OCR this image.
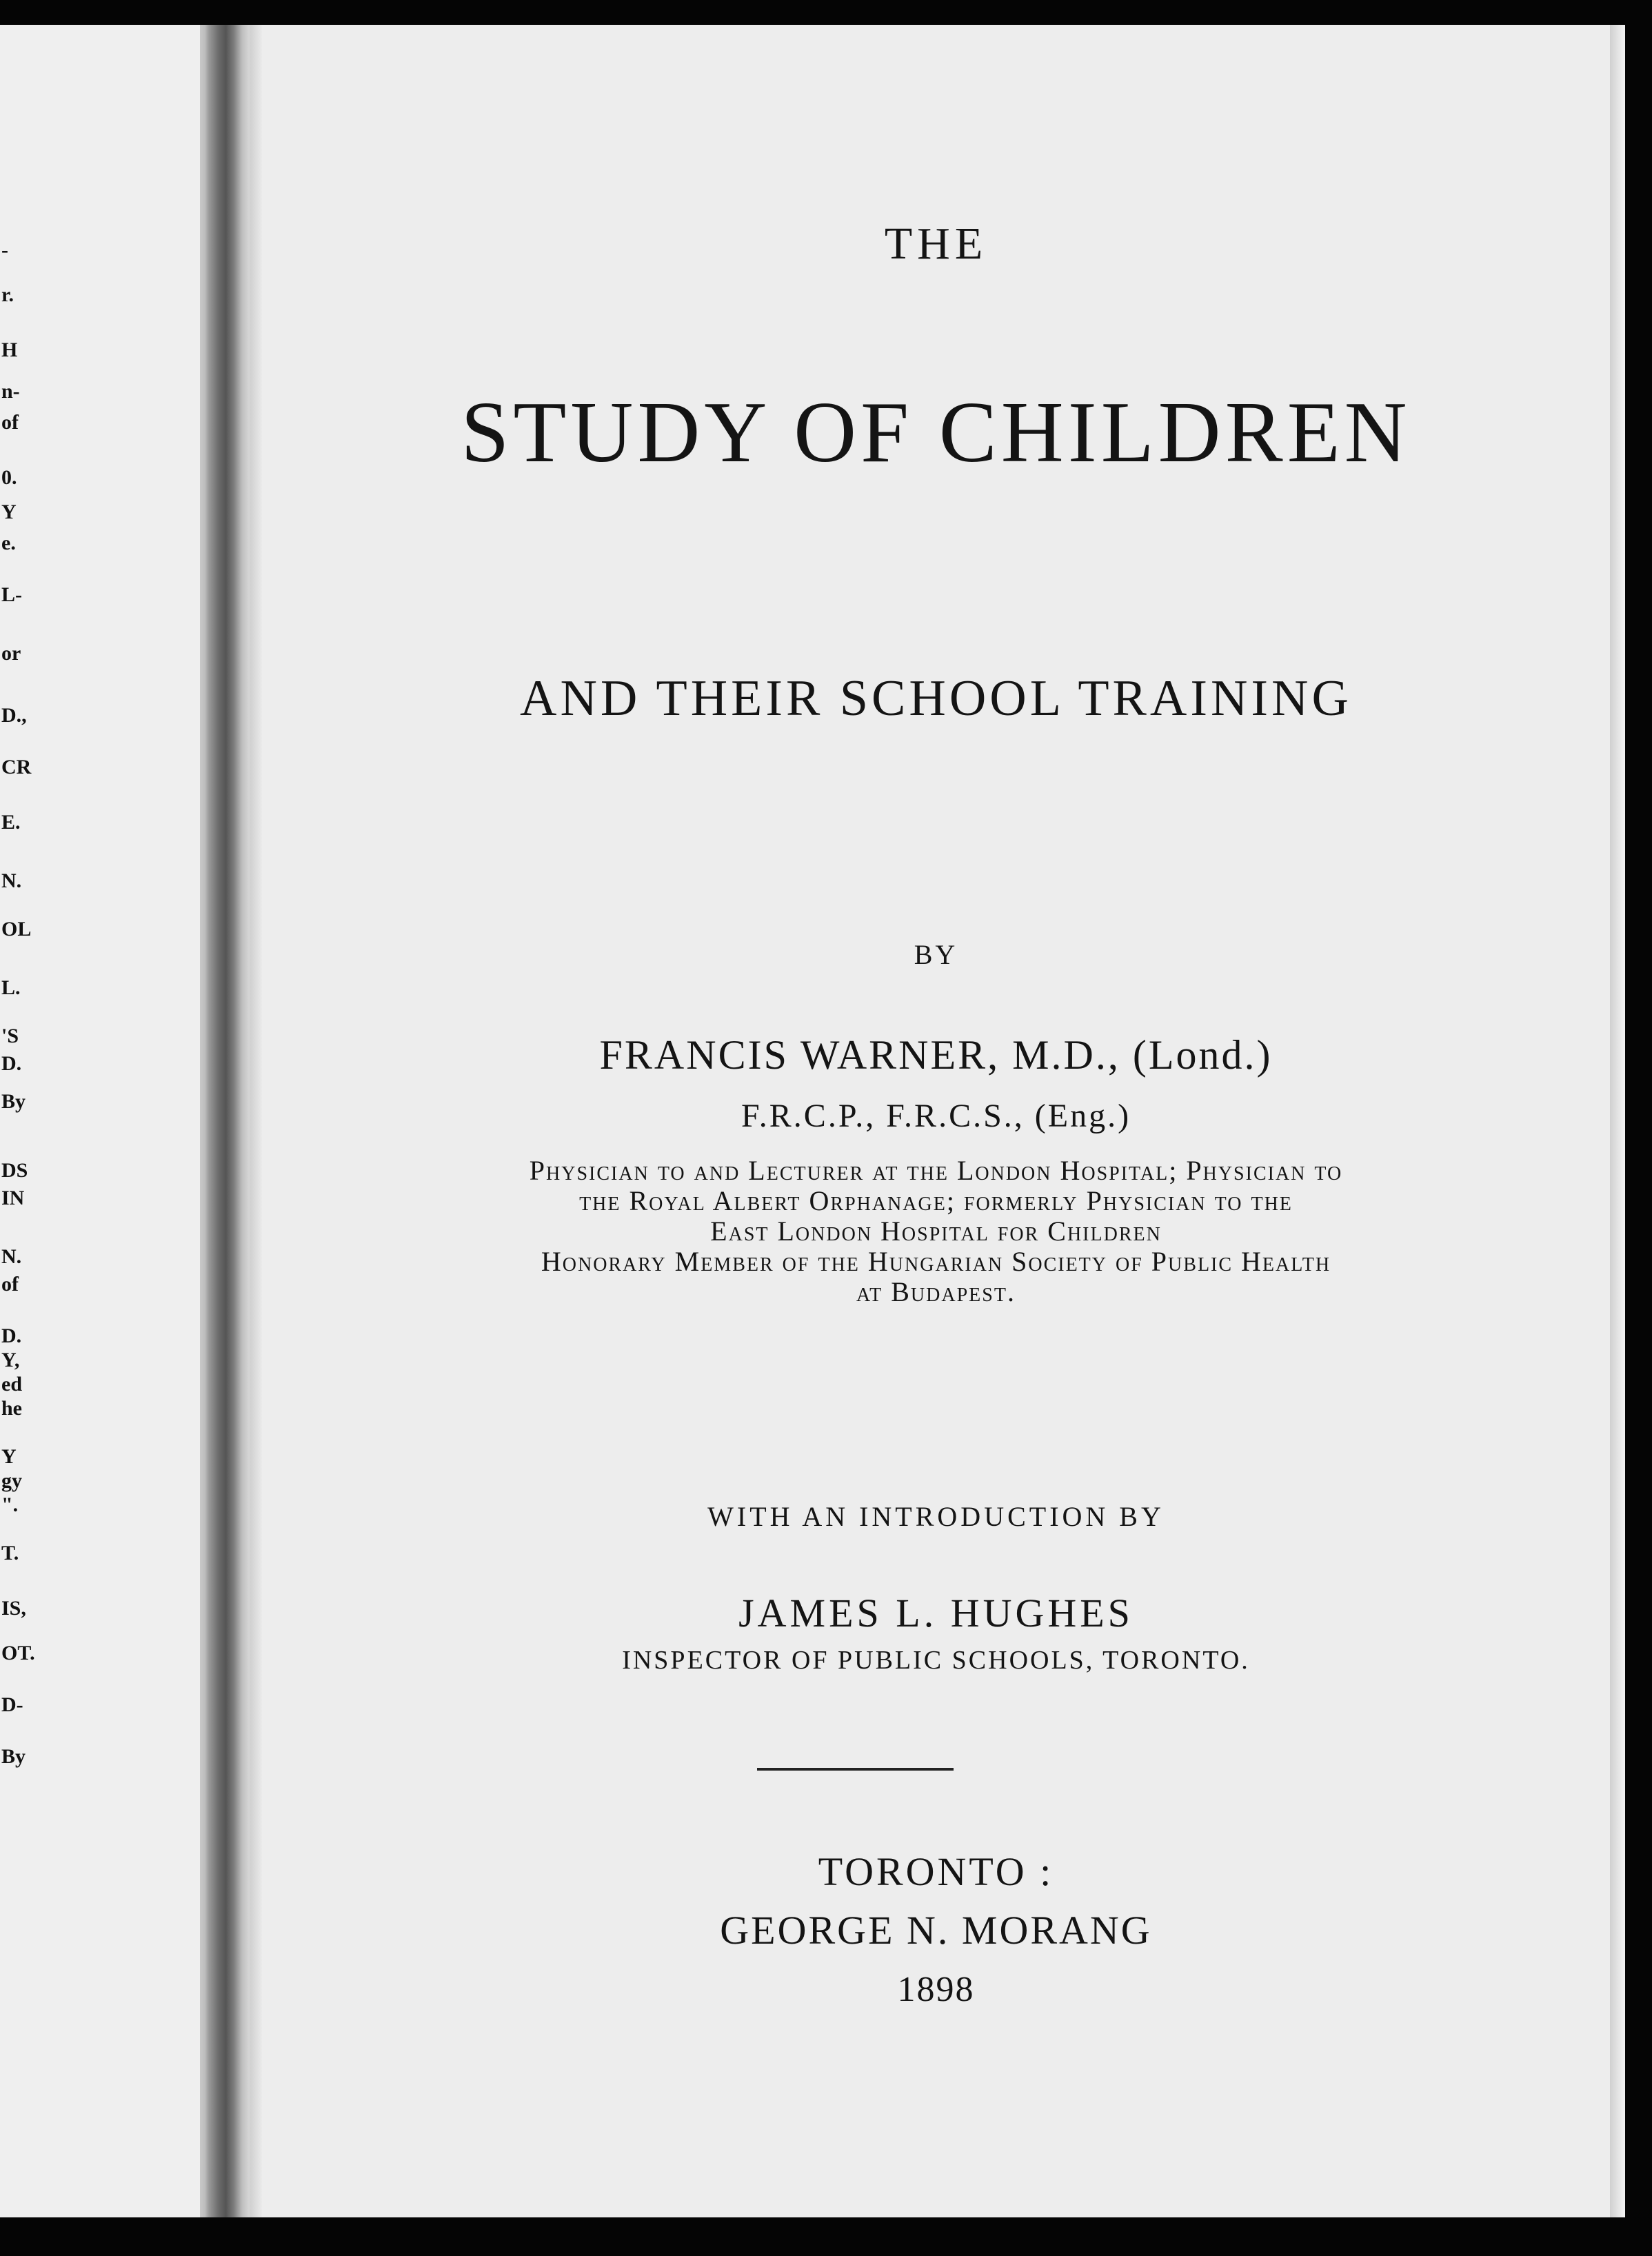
-
r.
H
n-
of
0.
Y
e.
L-
or
D.,
CR
E.
N.
OL
L.
'S
D.
By
DS
IN
N.
of
D.
Y,
ed
he
Y
gy
".
T.
IS,
OT.
D-
By
THE
STUDY OF CHILDREN
AND THEIR SCHOOL TRAINING
BY
FRANCIS WARNER, M.D., (Lond.)
F.R.C.P., F.R.C.S., (Eng.)
Physician to and Lecturer at the London Hospital; Physician to
the Royal Albert Orphanage; formerly Physician to the
East London Hospital for Children
Honorary Member of the Hungarian Society of Public Health
at Budapest.
WITH AN INTRODUCTION BY
JAMES L. HUGHES
INSPECTOR OF PUBLIC SCHOOLS, TORONTO.
TORONTO :
GEORGE N. MORANG
1898
